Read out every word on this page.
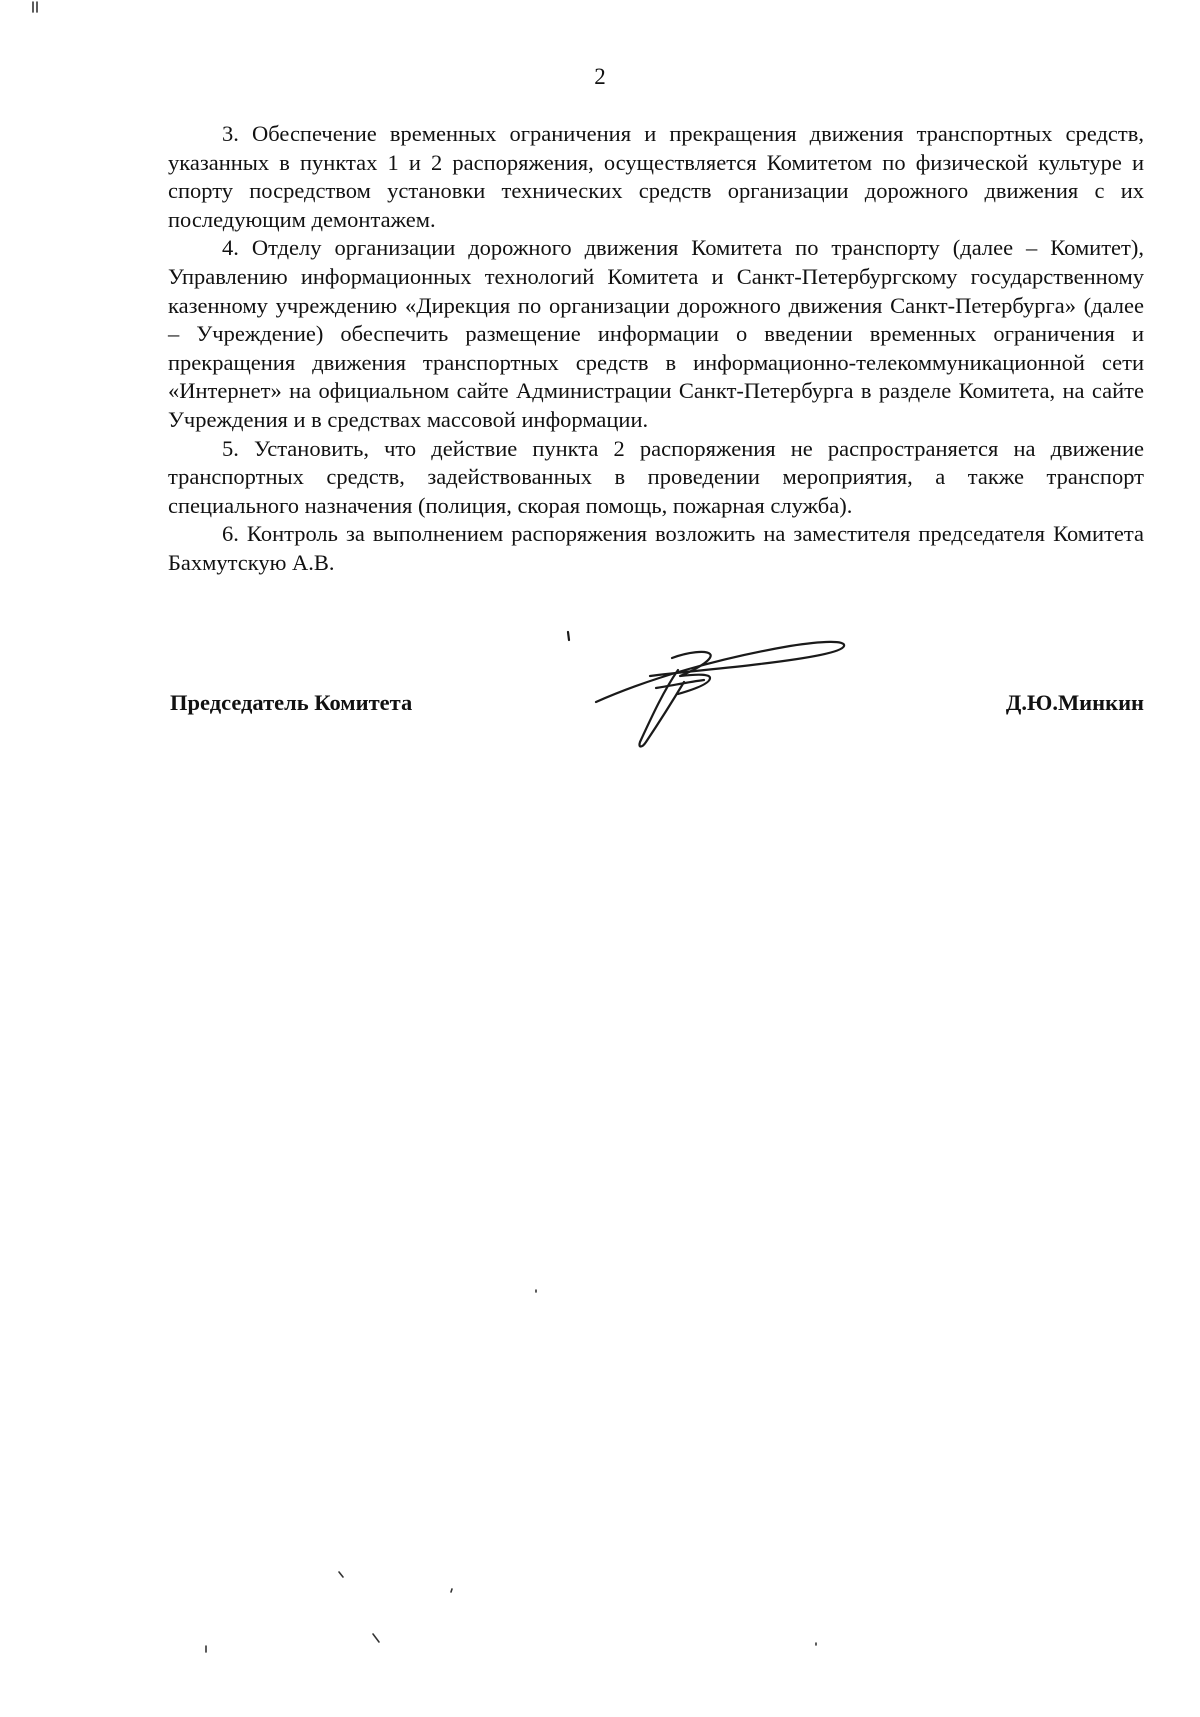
2

3. Обеспечение временных ограничения и прекращения движения транспортных средств, указанных в пунктах 1 и 2 распоряжения, осуществляется Комитетом по физической культуре и спорту посредством установки технических средств организации дорожного движения с их последующим демонтажем.

4. Отделу организации дорожного движения Комитета по транспорту (далее – Комитет), Управлению информационных технологий Комитета и Санкт-Петербургскому государственному казенному учреждению «Дирекция по организации дорожного движения Санкт-Петербурга» (далее – Учреждение) обеспечить размещение информации о введении временных ограничения и прекращения движения транспортных средств в информационно-телекоммуникационной сети «Интернет» на официальном сайте Администрации Санкт-Петербурга в разделе Комитета, на сайте Учреждения и в средствах массовой информации.

5. Установить, что действие пункта 2 распоряжения не распространяется на движение транспортных средств, задействованных в проведении мероприятия, а также транспорт специального назначения (полиция, скорая помощь, пожарная служба).

6. Контроль за выполнением распоряжения возложить на заместителя председателя Комитета Бахмутскую А.В.

Председатель Комитета	Д.Ю.Минкин
